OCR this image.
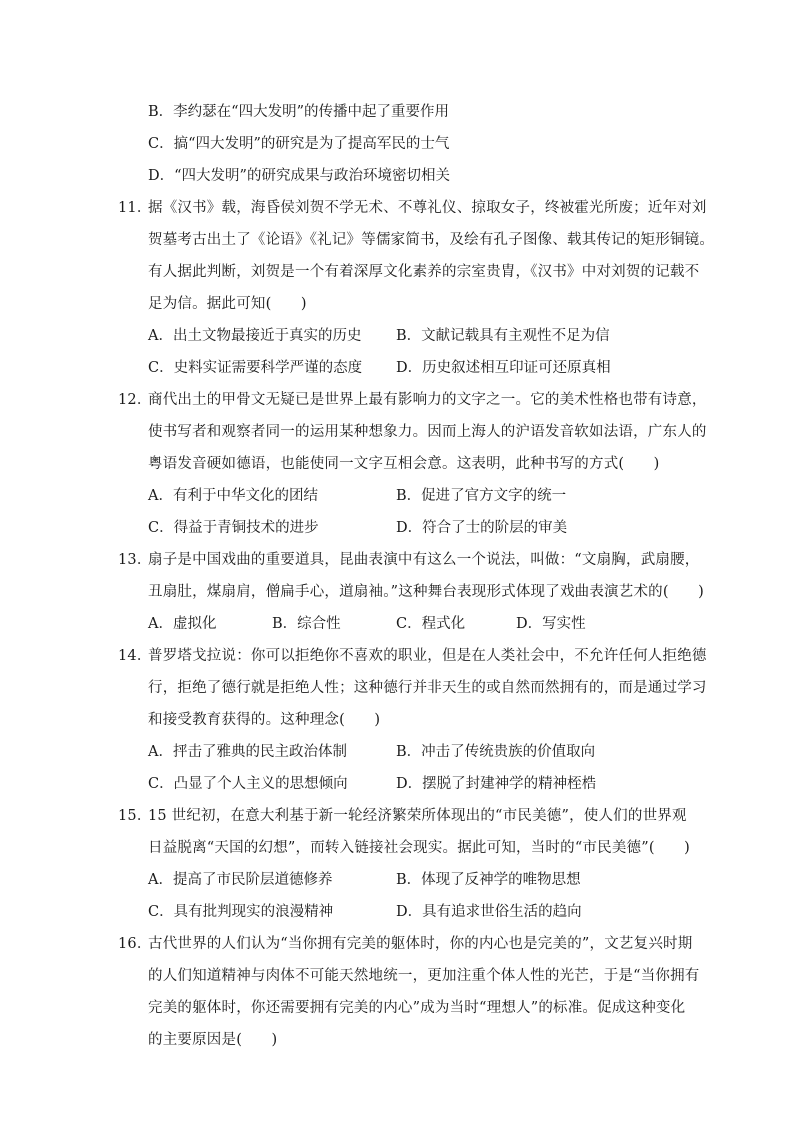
B．李约瑟在“四大发明”的传播中起了重要作用
C．搞“四大发明”的研究是为了提高军民的士气
D．“四大发明”的研究成果与政治环境密切相关
11．
据《汉书》载，海昏侯刘贺不学无术、不尊礼仪、掠取女子，终被霍光所废；近年对刘
贺墓考古出土了《论语》《礼记》等儒家简书，及绘有孔子图像、载其传记的矩形铜镜。
有人据此判断，刘贺是一个有着深厚文化素养的宗室贵胄，《汉书》中对刘贺的记载不
足为信。据此可知(　　)
A．出土文物最接近于真实的历史 B．文献记载具有主观性不足为信
C．史料实证需要科学严谨的态度 D．历史叙述相互印证可还原真相
12．
商代出土的甲骨文无疑已是世界上最有影响力的文字之一。它的美术性格也带有诗意，
使书写者和观察者同一的运用某种想象力。因而上海人的沪语发音软如法语，广东人的
粤语发音硬如德语，也能使同一文字互相会意。这表明，此种书写的方式(　　)
A．有利于中华文化的团结	B．促进了官方文字的统一
C．得益于青铜技术的进步	D．符合了士的阶层的审美
13．
扇子是中国戏曲的重要道具，昆曲表演中有这么一个说法，叫做：“文扇胸，武扇腰，
丑扇肚，煤扇肩，僧扁手心，道扇袖。”这种舞台表现形式体现了戏曲表演艺术的(　　)
A．虚拟化	B．综合性	C．程式化	D．写实性
14．
普罗塔戈拉说：你可以拒绝你不喜欢的职业，但是在人类社会中，不允许任何人拒绝德
行，拒绝了德行就是拒绝人性；这种德行并非天生的或自然而然拥有的，而是通过学习
和接受教育获得的。这种理念(　　)
A．抨击了雅典的民主政治体制	B．冲击了传统贵族的价值取向
C．凸显了个人主义的思想倾向	D．摆脱了封建神学的精神桎梏
15．
15 世纪初，在意大利基于新一轮经济繁荣所体现出的“市民美德”，使人们的世界观
日益脱离“天国的幻想”，而转入链接社会现实。据此可知，当时的“市民美德”(　　)
A．提高了市民阶层道德修养	B．体现了反神学的唯物思想
C．具有批判现实的浪漫精神	D．具有追求世俗生活的趋向
16．
古代世界的人们认为“当你拥有完美的躯体时，你的内心也是完美的”，文艺复兴时期
的人们知道精神与肉体不可能天然地统一，更加注重个体人性的光芒，于是“当你拥有
完美的躯体时，你还需要拥有完美的内心”成为当时“理想人”的标准。促成这种变化
的主要原因是(　　)
